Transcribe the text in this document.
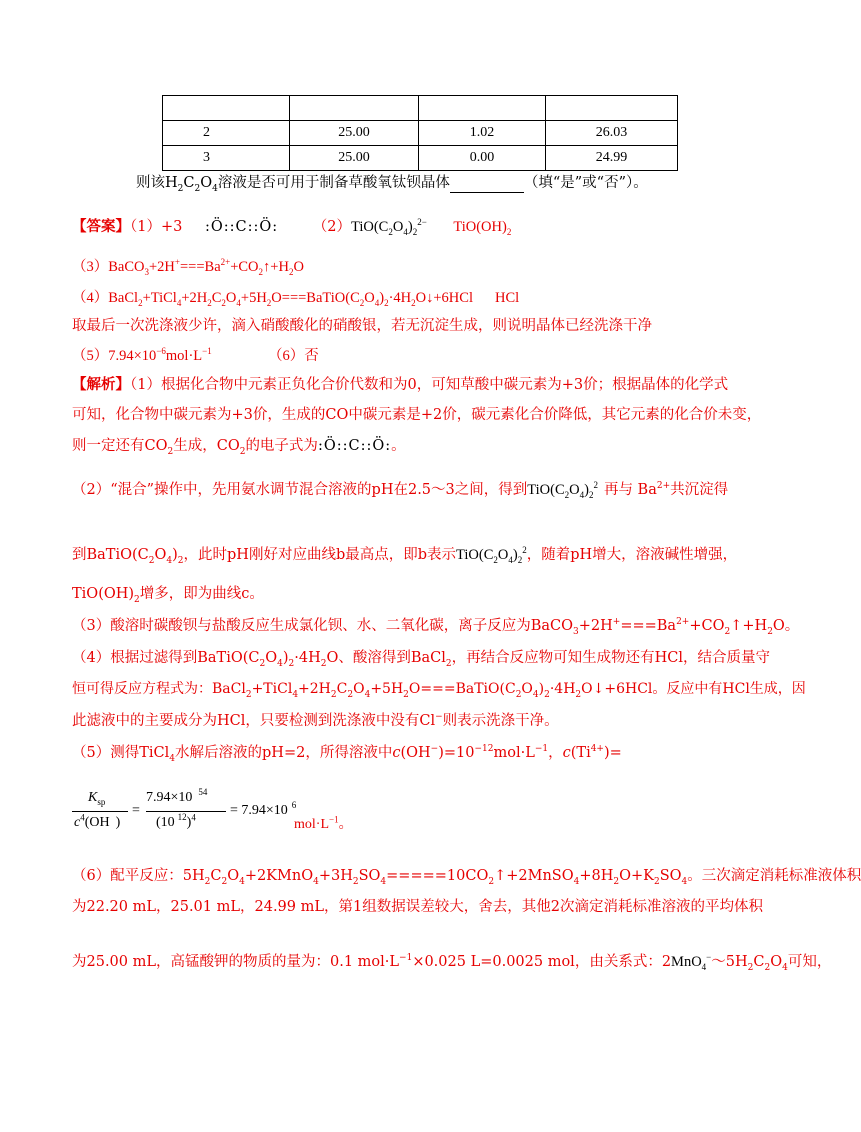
2	25.00	1.02	26.03
3	25.00	0.00	24.99
则该$H_2C_2O_4$溶液是否可用于制备草酸氧钛钡晶体	（填“是”或“否”）。
【答案】（1）+3 :Ö::C::Ö: $(2)TiO(C_2O_4)_2^{2-}$ $TiO(OH)_2$
$(3)BaCO_3+2H^+===Ba^{2+}+CO_2↑+H_2O$
$(4)BaCl_2+TiCl_4+2H_2C_2O_4+5H_2O===BaTiO(C_2O_4)_2\cdot 4H_2O↓+6HCl$ HCl
取最后一次洗涤液少许，滴入硝酸酸化的硝酸银，若无沉淀生成，则说明晶体已经洗涤干净
$(5)7.94\times 10^{-6}mol\cdot L^{-1}$	（6）否
【解析】（1）根据化合物中元素正负化合价代数和为0，可知草酸中碳元素为+3价；根据晶体的化学式
可知，化合物中碳元素为+3价，生成的CO中碳元素是+2价，碳元素化合价降低，其它元素的化合价未变，
则一定还有$CO_2$生成，$CO_2$的电子式为:Ö::C::Ö:。
（2）“混合”操作中，先用氨水调节混合溶液的pH在2.5～3之间，得到$TiO(C_2O_4)_2^2$ 再与 $Ba^{2+}$共沉淀得
到$BaTiO(C_2O_4)_2$，此时pH刚好对应曲线b最高点，即b表示$TiO(C_2O_4)_2^2$，随着pH增大，溶液碱性增强，
$TiO(OH)_2$增多，即为曲线c。
（3）酸溶时碳酸钡与盐酸反应生成氯化钡、水、二氧化碳，离子反应为$BaCO_3+2H^+===Ba^{2+}+CO_2↑+H_2O$。
（4）根据过滤得到$BaTiO(C_2O_4)_2\cdot 4H_2O$、酸溶得到BaCl$_2$，再结合反应物可知生成物还有HCl，结合质量守
恒可得反应方程式为：$BaCl_2+TiCl_4+2H_2C_2O_4+5H_2O===BaTiO(C_2O_4)_2\cdot 4H_2O↓+6HCl$。反应中有HCl生成，因
此滤液中的主要成分为HCl，只要检测到洗涤液中没有Cl−则表示洗涤干净。
（5）测得TiCl$_4$水解后溶液的pH=2，所得溶液中$c(OH^-)=10^{-12}mol\cdot L^{-1}$，$c(Ti^{4+})=$
$K_{sp}$
$c^4(OH$ )
=
7.94×10 $^{54}$
(10 $^{12}$)$^4$ = 7.94×10 $^6$
$mol\cdot L^{-1}$。
（6）配平反应：$5H_2C_2O_4+2KMnO_4+3H_2SO_4=====10CO_2↑+2MnSO_4+8H_2O+K_2SO_4$。三次滴定消耗标准液体积
为22.20 mL，25.01 mL，24.99 mL，第1组数据误差较大，舍去，其他2次滴定消耗标准溶液的平均体积
为25.00 mL，高锰酸钾的物质的量为：0.1 $mol\cdot L^{-1}\times 0.025$ L=0.0025 mol，由关系式：$2MnO_4^-\sim 5H_2C_2O_4$可知，
